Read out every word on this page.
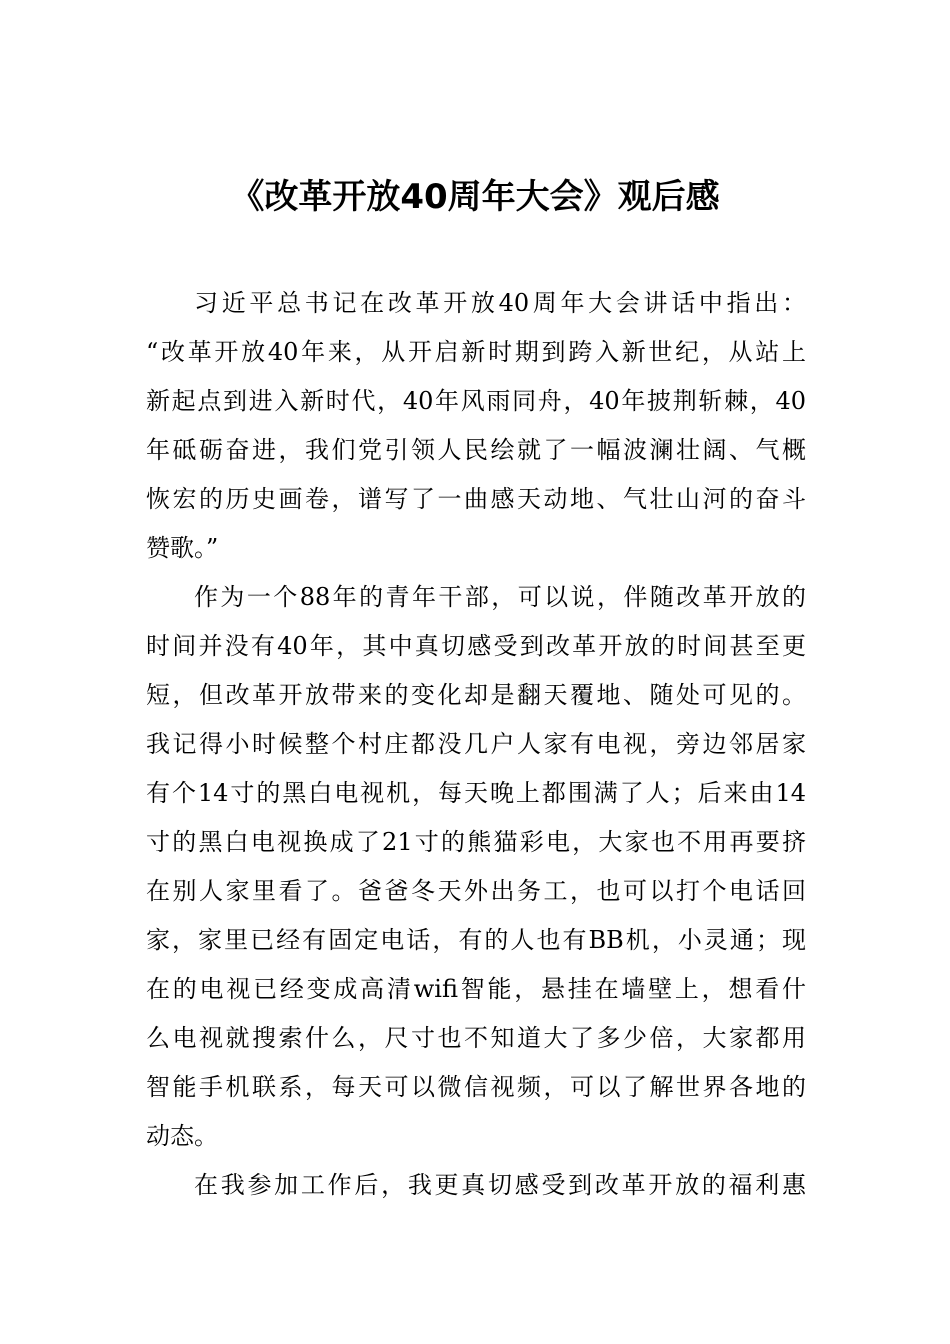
《改革开放40周年大会》观后感
习近平总书记在改革开放40周年大会讲话中指出：
“改革开放40年来，从开启新时期到跨入新世纪，从站上
新起点到进入新时代，40年风雨同舟，40年披荆斩棘，40
年砥砺奋进，我们党引领人民绘就了一幅波澜壮阔、气概
恢宏的历史画卷，谱写了一曲感天动地、气壮山河的奋斗
赞歌。”
作为一个88年的青年干部，可以说，伴随改革开放的
时间并没有40年，其中真切感受到改革开放的时间甚至更
短，但改革开放带来的变化却是翻天覆地、随处可见的。
我记得小时候整个村庄都没几户人家有电视，旁边邻居家
有个14寸的黑白电视机，每天晚上都围满了人；后来由14
寸的黑白电视换成了21寸的熊猫彩电，大家也不用再要挤
在别人家里看了。爸爸冬天外出务工，也可以打个电话回
家，家里已经有固定电话，有的人也有BB机，小灵通；现
在的电视已经变成高清wifi智能，悬挂在墙壁上，想看什
么电视就搜索什么，尺寸也不知道大了多少倍，大家都用
智能手机联系，每天可以微信视频，可以了解世界各地的
动态。
在我参加工作后，我更真切感受到改革开放的福利惠
